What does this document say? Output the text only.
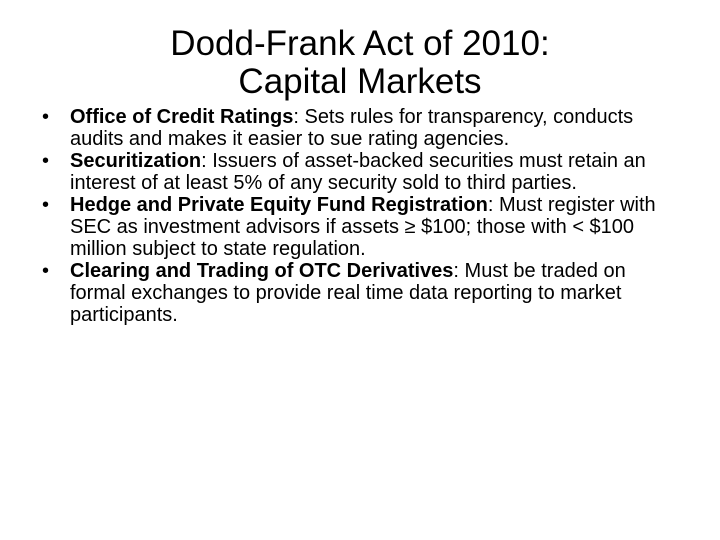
Dodd-Frank Act of 2010:
Capital Markets
• Office of Credit Ratings: Sets rules for transparency, conducts audits and makes it easier to sue rating agencies.
• Securitization: Issuers of asset-backed securities must retain an interest of at least 5% of any security sold to third parties.
• Hedge and Private Equity Fund Registration: Must register with SEC as investment advisors if assets ≥ $100; those with < $100 million subject to state regulation.
• Clearing and Trading of OTC Derivatives: Must be traded on formal exchanges to provide real time data reporting to market participants.
